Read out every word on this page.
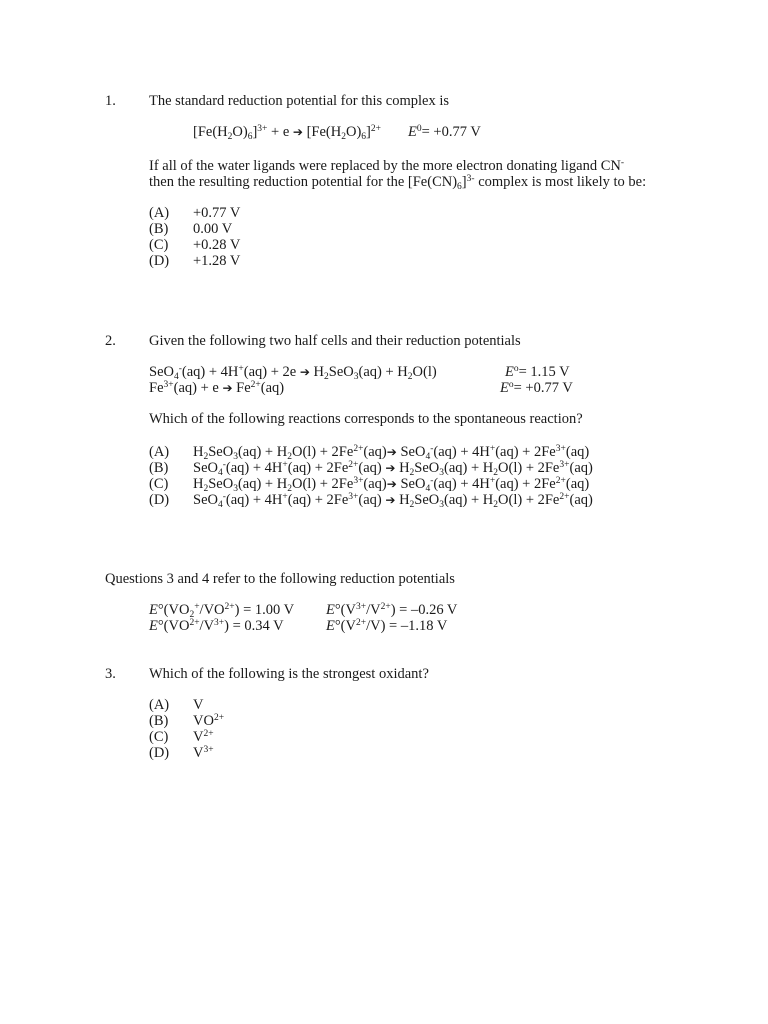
1. The standard reduction potential for this complex is
$[Fe(H_2O)_6]^{3+} + e$ ➔ $[Fe(H_2O)_6]^{2+}$ $E^0= +0.77$ V
If all of the water ligands were replaced by the more electron donating ligand CN-
then the resulting reduction potential for the $[Fe(CN)_6]^{3-}$ complex is most likely to be:
(A) +0.77 V
(B) 0.00 V
(C) +0.28 V
(D) +1.28 V
2. Given the following two half cells and their reduction potentials
SeO$_4$-(aq) + 4H+(aq) + 2e ➔ $H_2SeO_3(aq) + H_2O(l)$	$E^o= 1.15$ V
$Fe^{3+}(aq) + e$ ➔ $Fe^{2+}(aq)$	$E^o= +0.77$ V
Which of the following reactions corresponds to the spontaneous reaction?
(A) $H_2SeO_3(aq) + H_2O(l)$ + $2Fe^{2+}(aq)➔$ $SeO_4^-(aq) + 4H^+(aq) + 2Fe^{3+}(aq)$
(B) $SeO_4^-(aq) + 4H^+(aq) + 2Fe^{2+}(aq)$ ➔ $H_2SeO_3(aq) + H_2O(l) + 2Fe^{3+}(aq)$
(C) $H_2SeO_3(aq) + H_2O(l)$ + $2Fe^{3+}(aq)➔$ $SeO_4^-(aq) + 4H^+(aq) + 2Fe^{2+}(aq)$
(D) $SeO_4^-(aq) + 4H^+(aq) + 2Fe^{3+}(aq)$ ➔ $H_2SeO_3(aq) + H_2O(l) + 2Fe^{2+}(aq)$
Questions 3 and 4 refer to the following reduction potentials
$E^\circ(VO_2^+/VO^{2+}) = 1.00$ V $E^\circ(V^{3+}/V^{2+}) = -0.26$ V
$E^\circ(VO^{2+}/V^{3+}) = 0.34$ V	$E^\circ(V^{2+}/V) = -1.18$ V
3. Which of the following is the strongest oxidant?
(A) V
(B) $VO^{2+}$
(C) $V^{2+}$
(D) $V^{3+}$
